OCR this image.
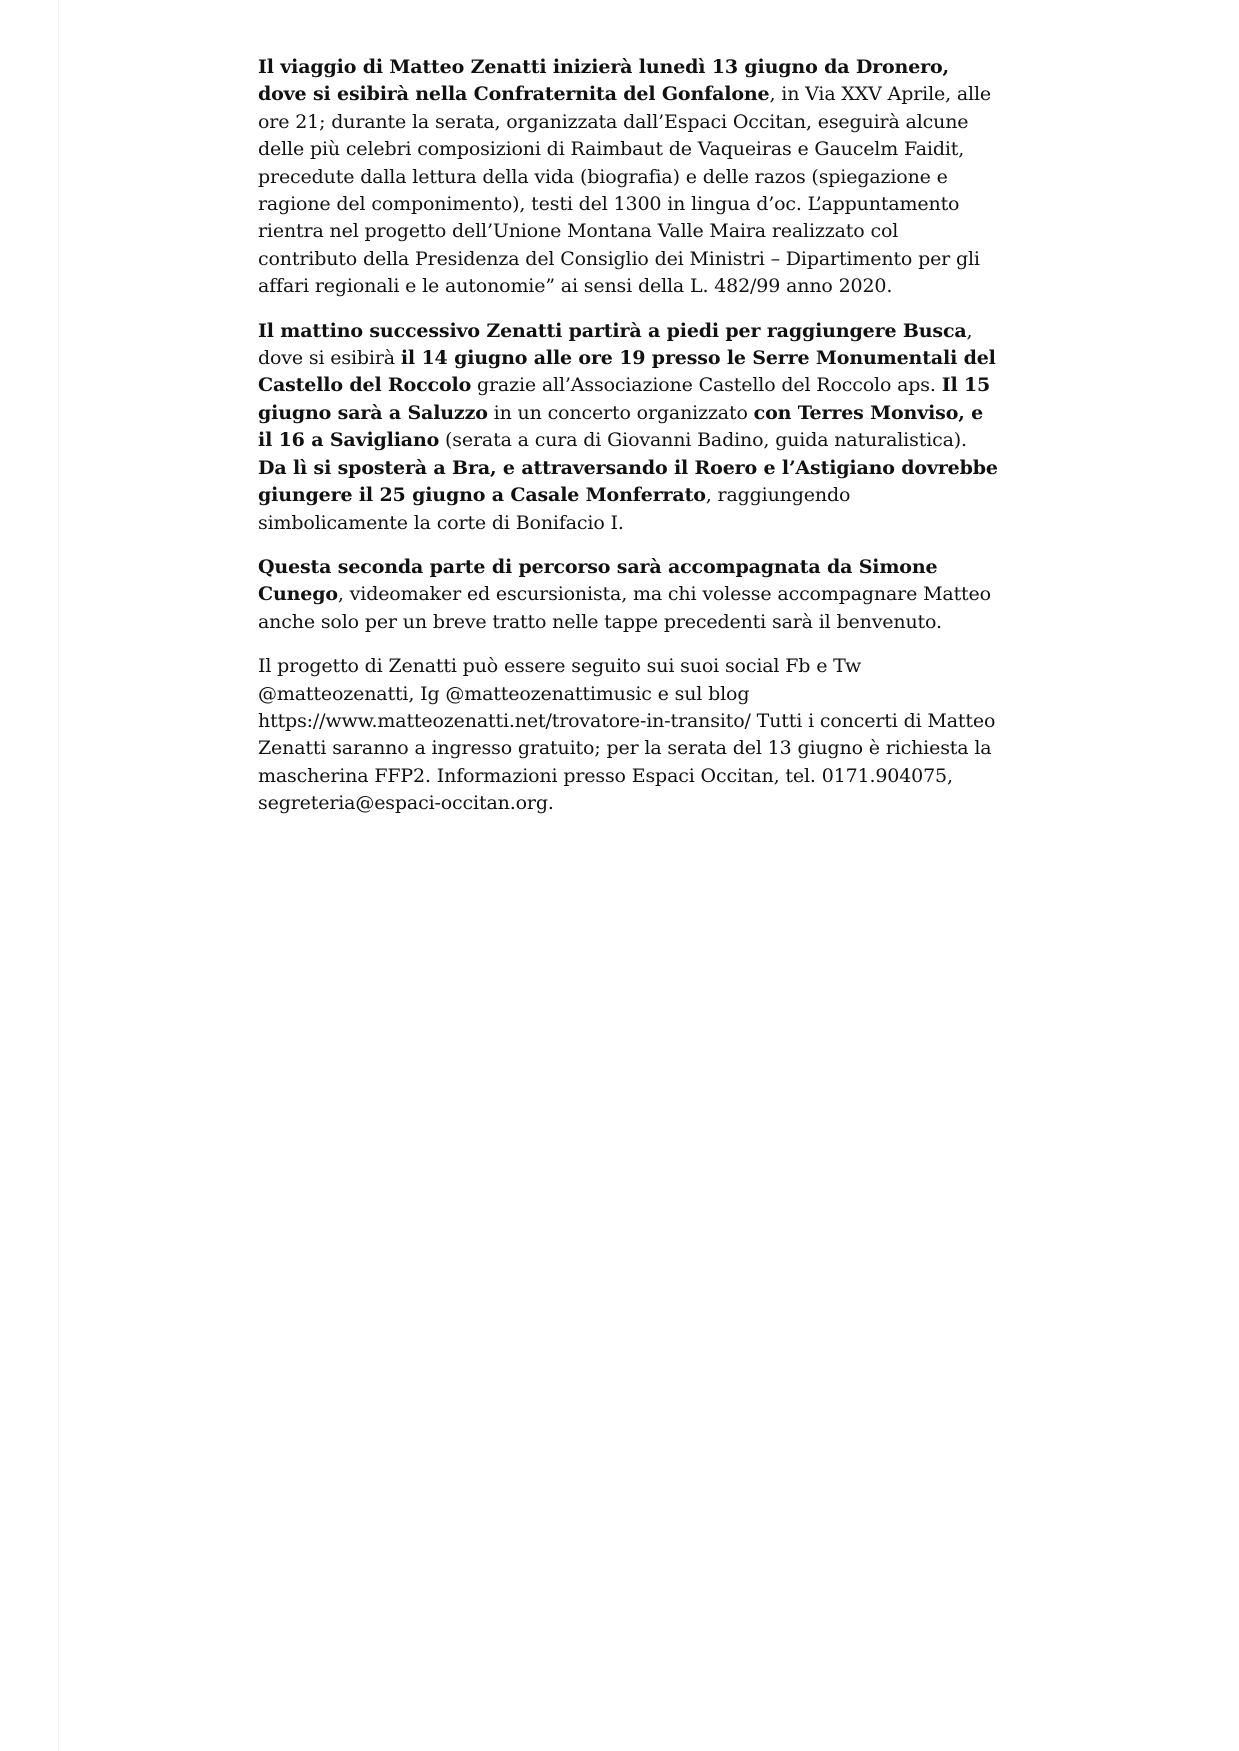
Il viaggio di Matteo Zenatti inizierà lunedì 13 giugno da Dronero, dove si esibirà nella Confraternita del Gonfalone, in Via XXV Aprile, alle ore 21; durante la serata, organizzata dall’Espaci Occitan, eseguirà alcune delle più celebri composizioni di Raimbaut de Vaqueiras e Gaucelm Faidit, precedute dalla lettura della vida (biografia) e delle razos (spiegazione e ragione del componimento), testi del 1300 in lingua d’oc. L’appuntamento rientra nel progetto dell’Unione Montana Valle Maira realizzato col contributo della Presidenza del Consiglio dei Ministri – Dipartimento per gli affari regionali e le autonomie” ai sensi della L. 482/99 anno 2020.

Il mattino successivo Zenatti partirà a piedi per raggiungere Busca, dove si esibirà il 14 giugno alle ore 19 presso le Serre Monumentali del Castello del Roccolo grazie all’Associazione Castello del Roccolo aps. Il 15 giugno sarà a Saluzzo in un concerto organizzato con Terres Monviso, e il 16 a Savigliano (serata a cura di Giovanni Badino, guida naturalistica). Da lì si sposterà a Bra, e attraversando il Roero e l’Astigiano dovrebbe giungere il 25 giugno a Casale Monferrato, raggiungendo simbolicamente la corte di Bonifacio I.

Questa seconda parte di percorso sarà accompagnata da Simone Cunego, videomaker ed escursionista, ma chi volesse accompagnare Matteo anche solo per un breve tratto nelle tappe precedenti sarà il benvenuto.

Il progetto di Zenatti può essere seguito sui suoi social Fb e Tw @matteozenatti, Ig @matteozenattimusic e sul blog https://www.matteozenatti.net/trovatore-in-transito/ Tutti i concerti di Matteo Zenatti saranno a ingresso gratuito; per la serata del 13 giugno è richiesta la mascherina FFP2. Informazioni presso Espaci Occitan, tel. 0171.904075, segreteria@espaci-occitan.org.
